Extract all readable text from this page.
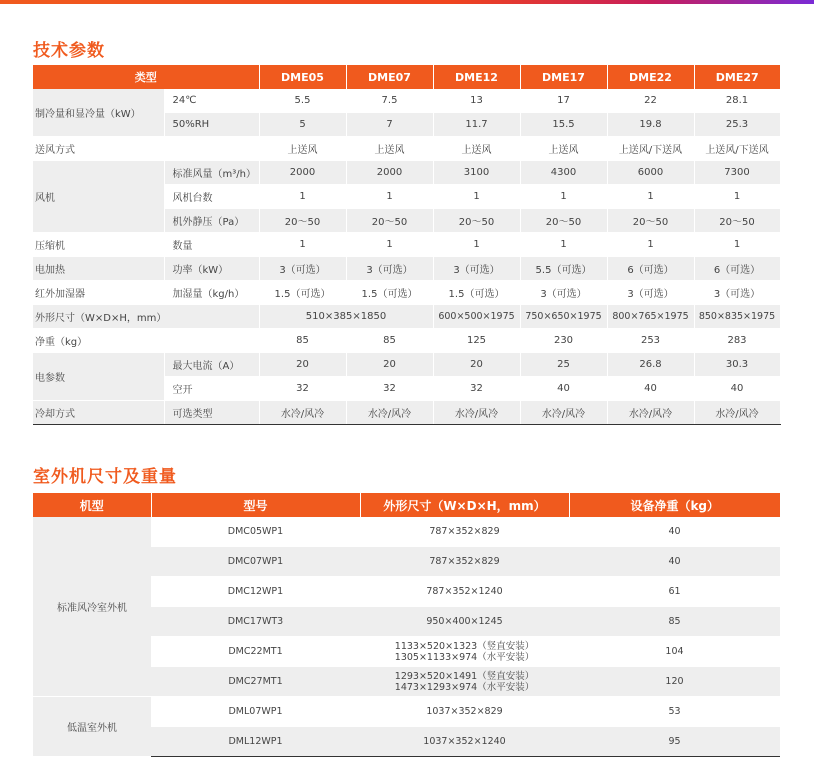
技术参数
类型		DME05	DME07	DME12	DME17	DME22	DME27
制冷量和显冷量（kW）	24℃	5.5	7.5	13	17	22	28.1
	50%RH	5	7	11.7	15.5	19.8	25.3
送风方式		上送风	上送风	上送风	上送风	上送风/下送风	上送风/下送风
风机	标准风量（m³/h）	2000	2000	3100	4300	6000	7300
	风机台数	1	1	1	1	1	1
	机外静压（Pa）	20～50	20～50	20～50	20～50	20～50	20～50
压缩机	数量	1	1	1	1	1	1
电加热	功率（kW）	3（可选）	3（可选）	3（可选）	5.5（可选）	6（可选）	6（可选）
红外加湿器	加湿量（kg/h）	1.5（可选）	1.5（可选）	1.5（可选）	3（可选）	3（可选）	3（可选）
外形尺寸（W×D×H，mm）		510×385×1850		600×500×1975	750×650×1975	800×765×1975	850×835×1975
净重（kg）		85	85	125	230	253	283
电参数	最大电流（A）	20	20	20	25	26.8	30.3
	空开	32	32	32	40	40	40
冷却方式	可选类型	水冷/风冷	水冷/风冷	水冷/风冷	水冷/风冷	水冷/风冷	水冷/风冷
室外机尺寸及重量
机型	型号	外形尺寸（W×D×H，mm）	设备净重（kg）
标准风冷室外机	DMC05WP1	787×352×829	40
	DMC07WP1	787×352×829	40
	DMC12WP1	787×352×1240	61
	DMC17WT3	950×400×1245	85
	DMC22MT1	1133×520×1323（竖直安装）
1305×1133×974（水平安装）	104
	DMC27MT1	1293×520×1491（竖直安装）
1473×1293×974（水平安装）	120
低温室外机	DML07WP1	1037×352×829	53
	DML12WP1	1037×352×1240	95
